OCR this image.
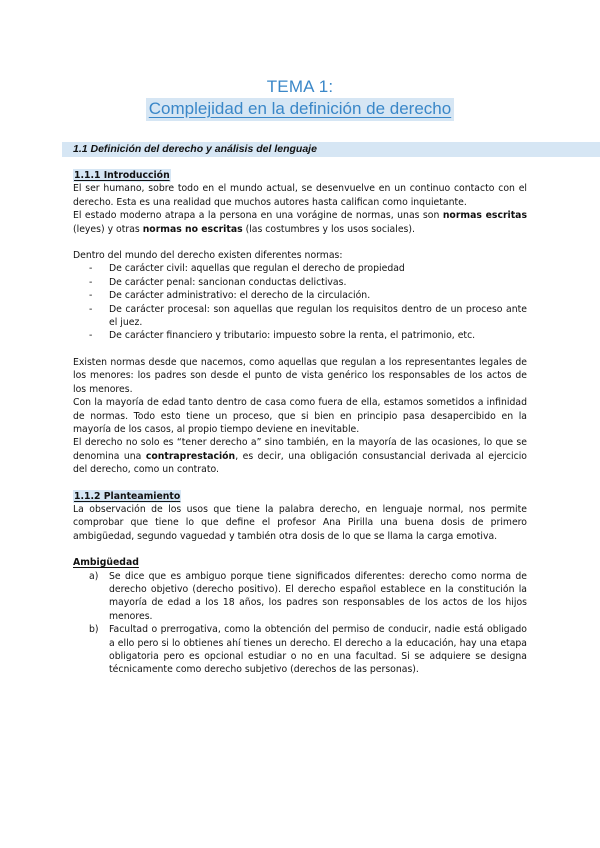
TEMA 1:
Complejidad en la definición de derecho
1.1 Definición del derecho y análisis del lenguaje

1.1.1 Introducción

El ser humano, sobre todo en el mundo actual, se desenvuelve en un continuo contacto con el derecho. Esta es una realidad que muchos autores hasta califican como inquietante.

El estado moderno atrapa a la persona en una vorágine de normas, unas son normas escritas (leyes) y otras normas no escritas (las costumbres y los usos sociales).

Dentro del mundo del derecho existen diferentes normas:

- De carácter civil: aquellas que regulan el derecho de propiedad
- De carácter penal: sancionan conductas delictivas.
- De carácter administrativo: el derecho de la circulación.
- De carácter procesal: son aquellas que regulan los requisitos dentro de un proceso ante el juez.
- De carácter financiero y tributario: impuesto sobre la renta, el patrimonio, etc.

Existen normas desde que nacemos, como aquellas que regulan a los representantes legales de los menores: los padres son desde el punto de vista genérico los responsables de los actos de los menores.

Con la mayoría de edad tanto dentro de casa como fuera de ella, estamos sometidos a infinidad de normas. Todo esto tiene un proceso, que si bien en principio pasa desapercibido en la mayoría de los casos, al propio tiempo deviene en inevitable.

El derecho no solo es “tener derecho a” sino también, en la mayoría de las ocasiones, lo que se denomina una contraprestación, es decir, una obligación consustancial derivada al ejercicio del derecho, como un contrato.

1.1.2 Planteamiento

La observación de los usos que tiene la palabra derecho, en lenguaje normal, nos permite comprobar que tiene lo que define el profesor Ana Pirilla una buena dosis de primero ambigüedad, segundo vaguedad y también otra dosis de lo que se llama la carga emotiva.

Ambigüedad

a) Se dice que es ambiguo porque tiene significados diferentes: derecho como norma de derecho objetivo (derecho positivo). El derecho español establece en la constitución la mayoría de edad a los 18 años, los padres son responsables de los actos de los hijos menores.
b) Facultad o prerrogativa, como la obtención del permiso de conducir, nadie está obligado a ello pero si lo obtienes ahí tienes un derecho. El derecho a la educación, hay una etapa obligatoria pero es opcional estudiar o no en una facultad. Si se adquiere se designa técnicamente como derecho subjetivo (derechos de las personas).
